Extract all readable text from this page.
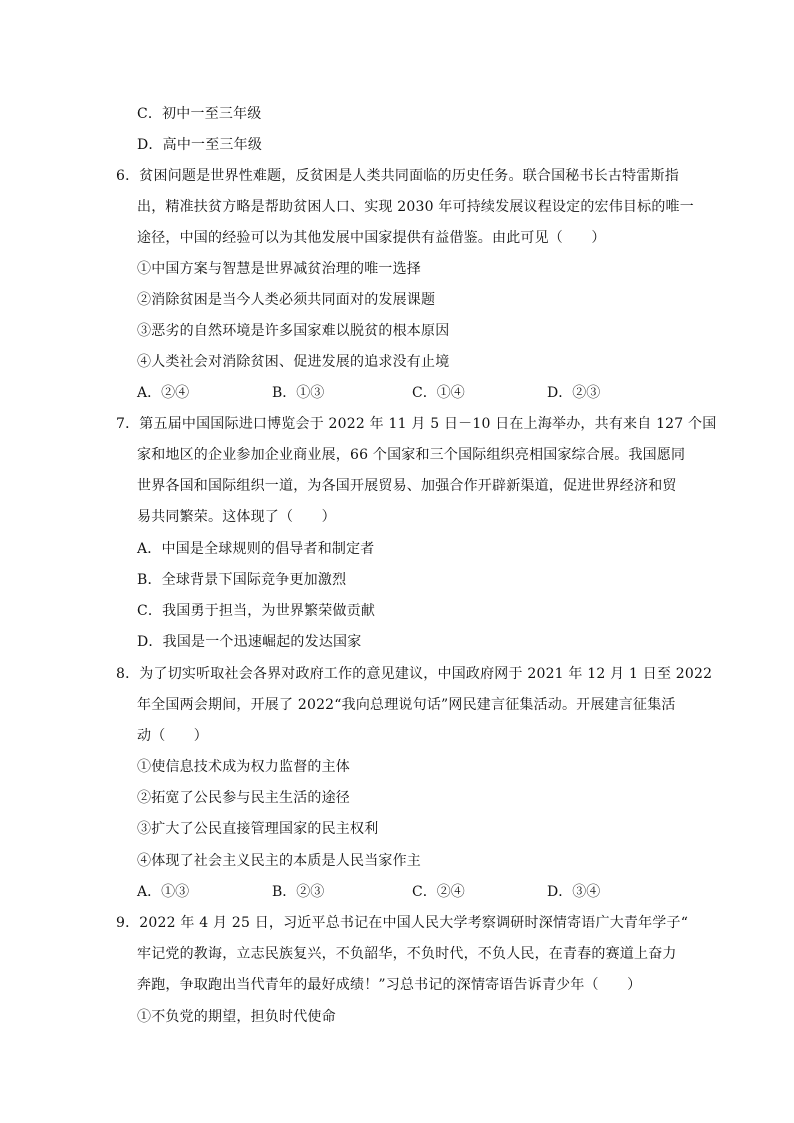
C．初中一至三年级
D．高中一至三年级
6．贫困问题是世界性难题，反贫困是人类共同面临的历史任务。联合国秘书长古特雷斯指
出，精准扶贫方略是帮助贫困人口、实现 2030 年可持续发展议程设定的宏伟目标的唯一
途径，中国的经验可以为其他发展中国家提供有益借鉴。由此可见（　　）
①中国方案与智慧是世界减贫治理的唯一选择
②消除贫困是当今人类必须共同面对的发展课题
③恶劣的自然环境是许多国家难以脱贫的根本原因
④人类社会对消除贫困、促进发展的追求没有止境
A．②④	B．①③	C．①④	D．②③
7．第五届中国国际进口博览会于 2022 年 11 月 5 日－10 日在上海举办，共有来自 127 个国
家和地区的企业参加企业商业展，66 个国家和三个国际组织亮相国家综合展。我国愿同
世界各国和国际组织一道，为各国开展贸易、加强合作开辟新渠道，促进世界经济和贸
易共同繁荣。这体现了（　　）
A．中国是全球规则的倡导者和制定者
B．全球背景下国际竞争更加激烈
C．我国勇于担当，为世界繁荣做贡献
D．我国是一个迅速崛起的发达国家
8．为了切实听取社会各界对政府工作的意见建议，中国政府网于 2021 年 12 月 1 日至 2022
年全国两会期间，开展了 2022“我向总理说句话”网民建言征集活动。开展建言征集活
动（　　）
①使信息技术成为权力监督的主体
②拓宽了公民参与民主生活的途径
③扩大了公民直接管理国家的民主权利
④体现了社会主义民主的本质是人民当家作主
A．①③	B．②③	C．②④	D．③④
9．2022 年 4 月 25 日，习近平总书记在中国人民大学考察调研时深情寄语广大青年学子“
牢记党的教诲，立志民族复兴，不负韶华，不负时代，不负人民，在青春的赛道上奋力
奔跑，争取跑出当代青年的最好成绩！”习总书记的深情寄语告诉青少年（　　）
①不负党的期望，担负时代使命
